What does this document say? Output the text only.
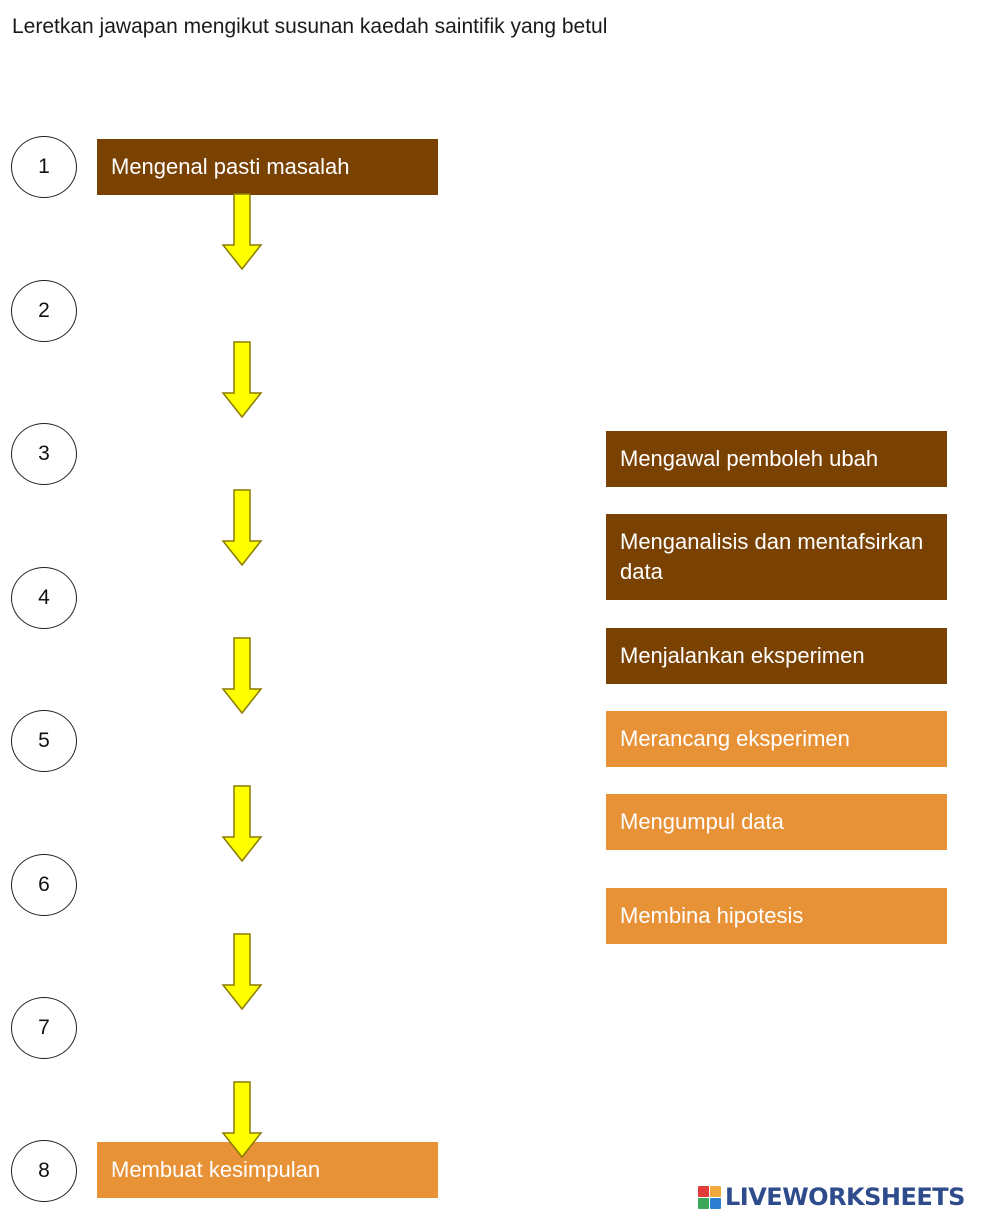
Leretkan jawapan mengikut susunan kaedah saintifik yang betul
1
2
3
4
5
6
7
8
Mengenal pasti masalah
Membuat kesimpulan
Mengawal pemboleh ubah
Menganalisis dan mentafsirkan data
Menjalankan eksperimen
Merancang eksperimen
Mengumpul data
Membina hipotesis
LIVEWORKSHEETS
